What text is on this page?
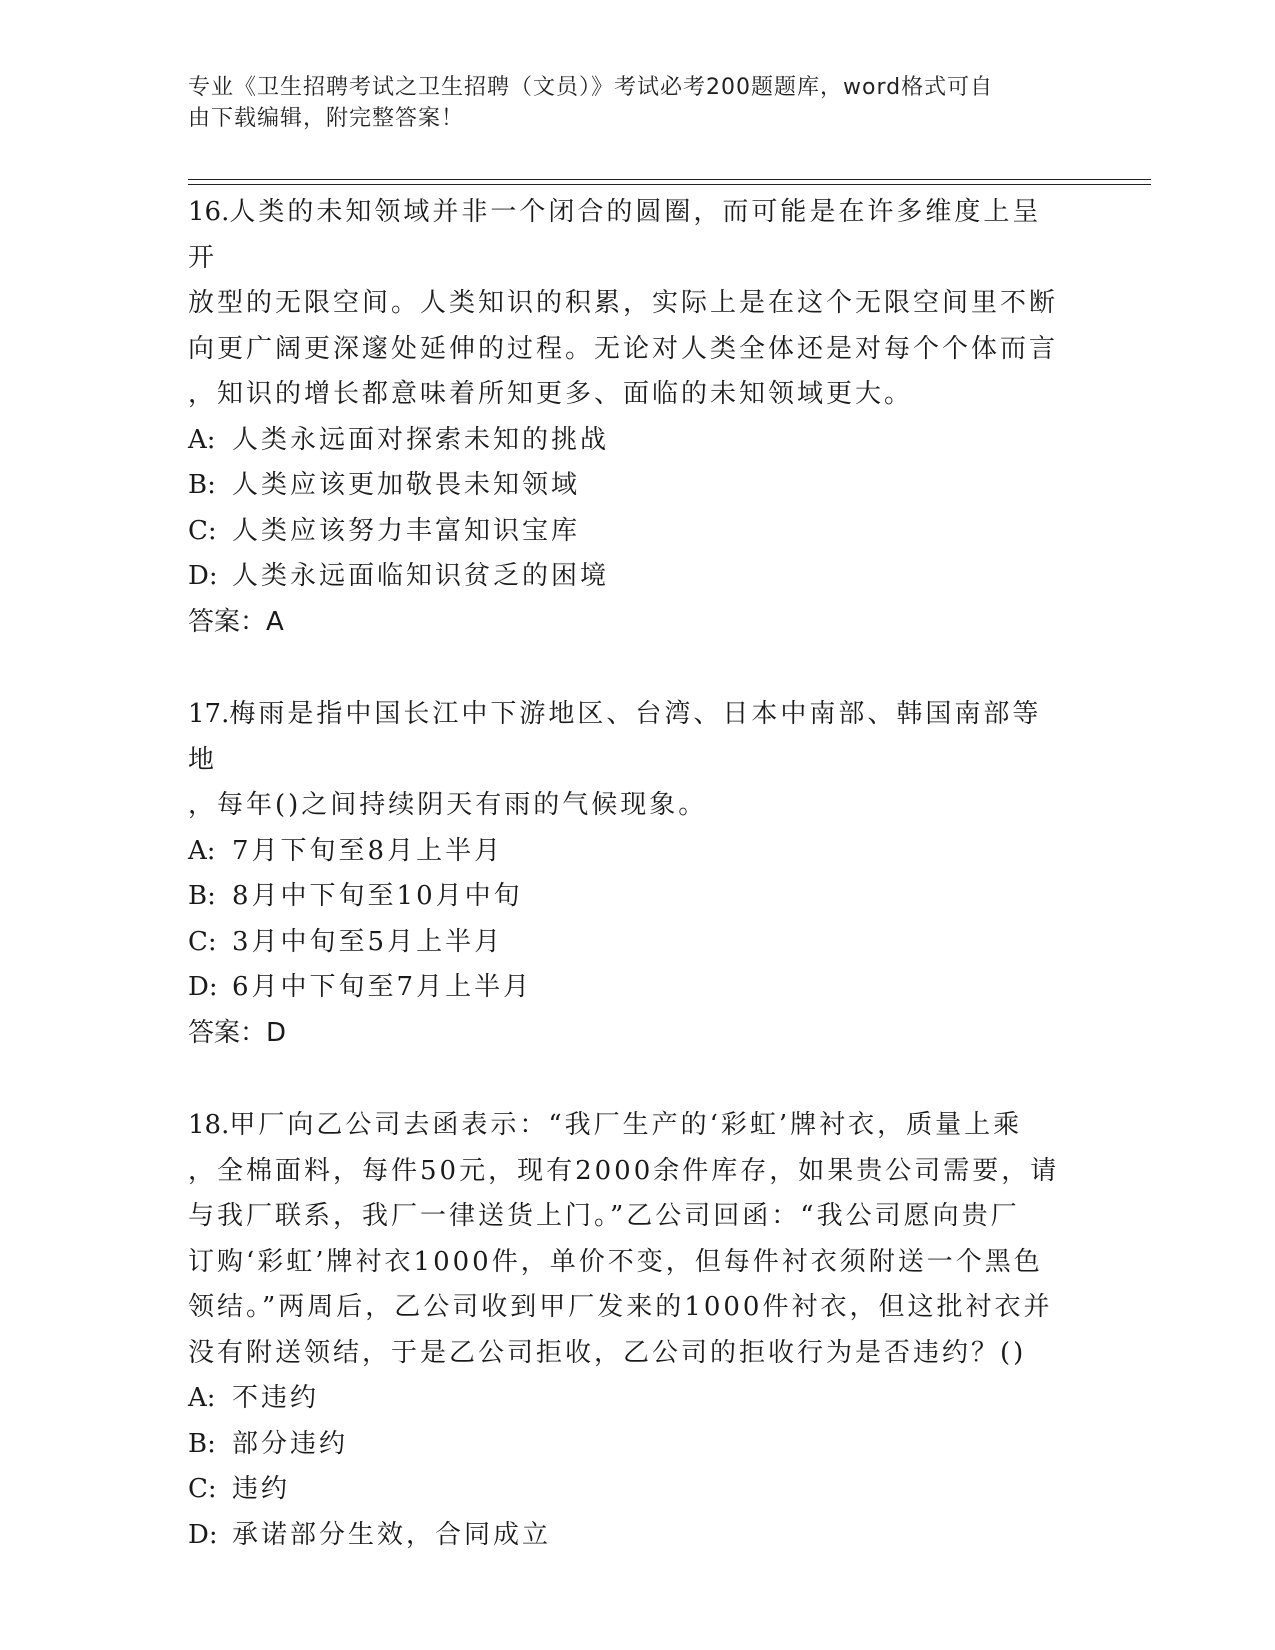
专业《卫生招聘考试之卫生招聘（文员）》考试必考200题题库，word格式可自
由下载编辑，附完整答案！
16.人类的未知领域并非一个闭合的圆圈，而可能是在许多维度上呈开
放型的无限空间。人类知识的积累，实际上是在这个无限空间里不断
向更广阔更深邃处延伸的过程。无论对人类全体还是对每个个体而言
，知识的增长都意味着所知更多、面临的未知领域更大。
A: 人类永远面对探索未知的挑战
B: 人类应该更加敬畏未知领域
C: 人类应该努力丰富知识宝库
D: 人类永远面临知识贫乏的困境
答案：A
17.梅雨是指中国长江中下游地区、台湾、日本中南部、韩国南部等地
，每年()之间持续阴天有雨的气候现象。
A: 7月下旬至8月上半月
B: 8月中下旬至10月中旬
C: 3月中旬至5月上半月
D: 6月中下旬至7月上半月
答案：D
18.甲厂向乙公司去函表示：“我厂生产的‘彩虹’牌衬衣，质量上乘
，全棉面料，每件50元，现有2000余件库存，如果贵公司需要，请
与我厂联系，我厂一律送货上门。”乙公司回函：“我公司愿向贵厂
订购‘彩虹’牌衬衣1000件，单价不变，但每件衬衣须附送一个黑色
领结。”两周后，乙公司收到甲厂发来的1000件衬衣，但这批衬衣并
没有附送领结，于是乙公司拒收，乙公司的拒收行为是否违约？()
A: 不违约
B: 部分违约
C: 违约
D: 承诺部分生效，合同成立
